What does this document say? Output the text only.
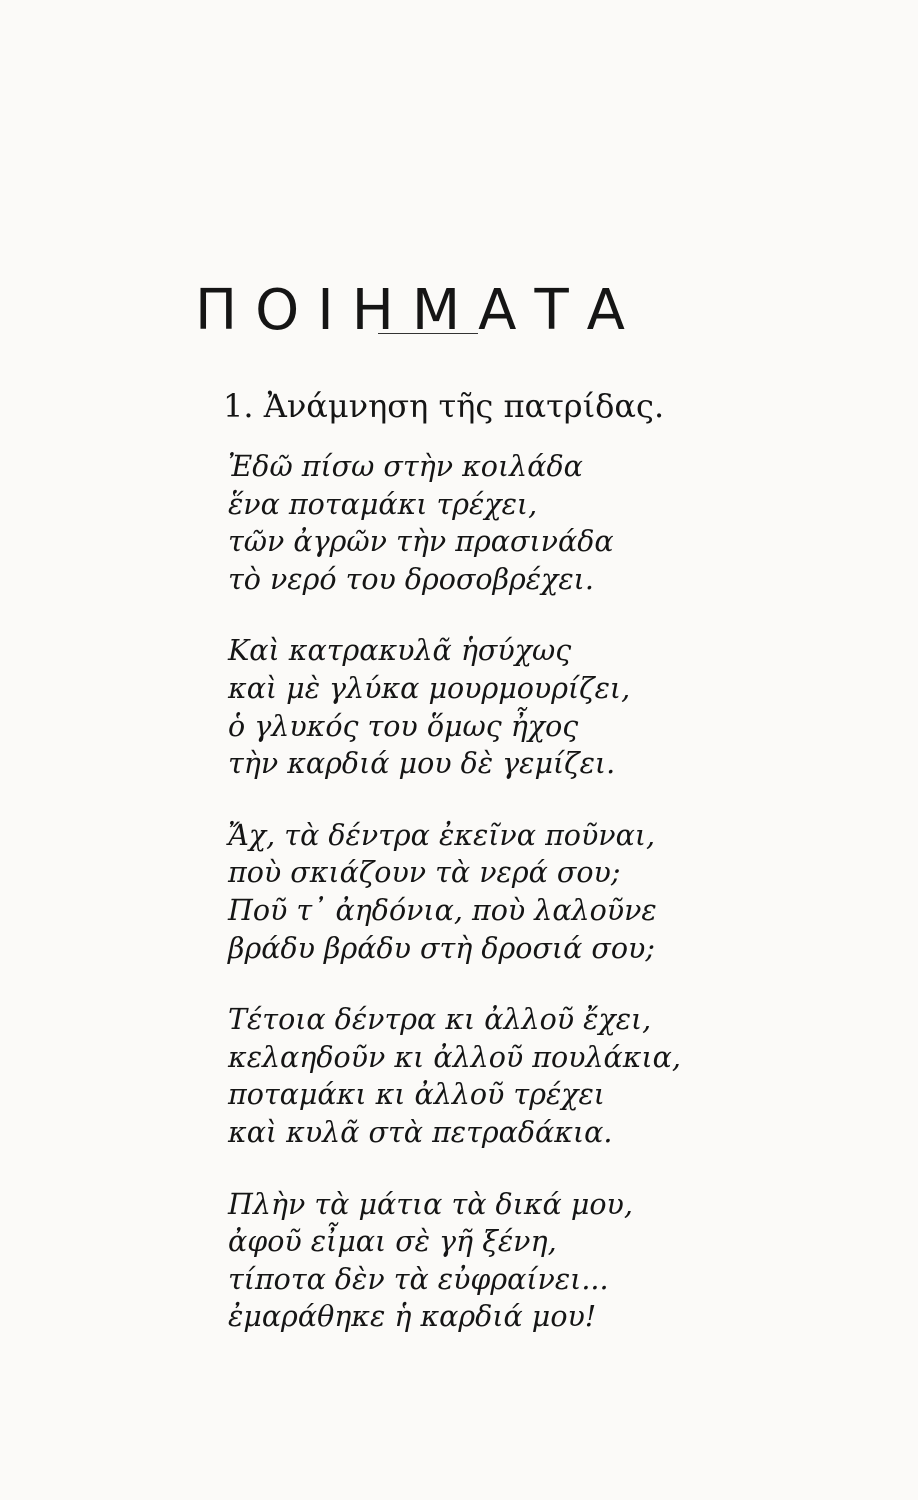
ΠΟΙΗΜΑΤΑ
1. Ἀνάμνηση τῆς πατρίδας.
Ἐδῶ πίσω στὴν κοιλάδα
ἕνα ποταμάκι τρέχει,
τῶν ἀγρῶν τὴν πρασινάδα
τὸ νερό του δροσοβρέχει.
Καὶ κατρακυλᾶ ἡσύχως
καὶ μὲ γλύκα μουρμουρίζει,
ὁ γλυκός του ὅμως ἦχος
τὴν καρδιά μου δὲ γεμίζει.
Ἄχ, τὰ δέντρα ἐκεῖνα ποῦναι,
ποὺ σκιάζουν τὰ νερά σου;
Ποῦ τ᾽ ἀηδόνια, ποὺ λαλοῦνε
βράδυ βράδυ στὴ δροσιά σου;
Τέτοια δέντρα κι ἀλλοῦ ἔχει,
κελαηδοῦν κι ἀλλοῦ πουλάκια,
ποταμάκι κι ἀλλοῦ τρέχει
καὶ κυλᾶ στὰ πετραδάκια.
Πλὴν τὰ μάτια τὰ δικά μου,
ἀφοῦ εἶμαι σὲ γῆ ξένη,
τίποτα δὲν τὰ εὐφραίνει...
ἐμαράθηκε ἡ καρδιά μου!
